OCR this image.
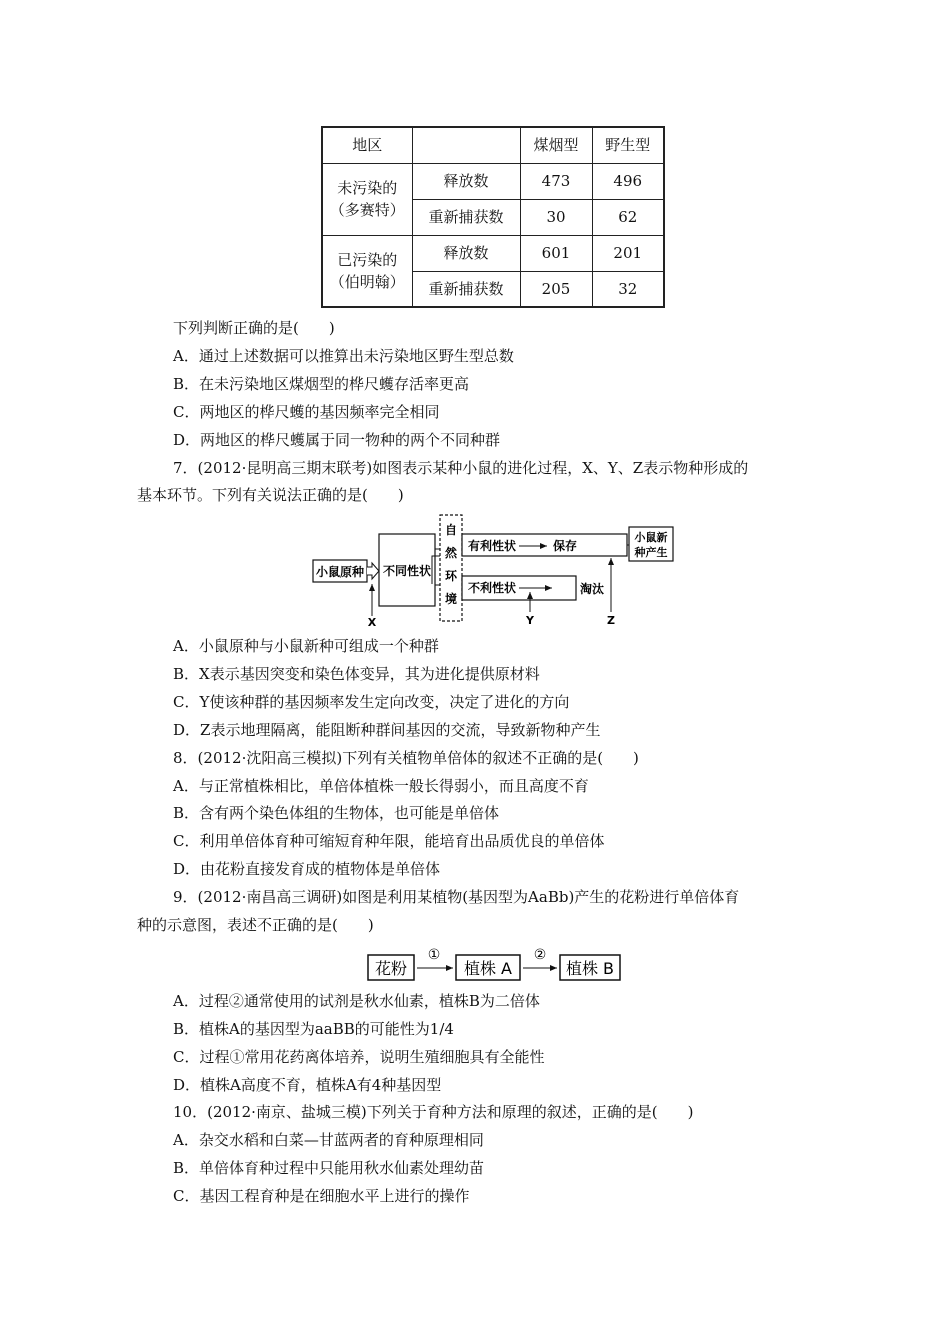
地区		煤烟型	野生型

未污染的
（多赛特）	释放数	473	496
	重新捕获数	30	62

已污染的
（伯明翰）	释放数	601	201
	重新捕获数	205	32
下列判断正确的是(　　)
A．通过上述数据可以推算出未污染地区野生型总数
B．在未污染地区煤烟型的桦尺蠖存活率更高
C．两地区的桦尺蠖的基因频率完全相同
D．两地区的桦尺蠖属于同一物种的两个不同种群
7．(2012·昆明高三期末联考)如图表示某种小鼠的进化过程，X、Y、Z表示物种形成的
基本环节。下列有关说法正确的是(　　)
小鼠原种 不同性状
自
然
环
境
有利性状	保存
小鼠新
种产生
不利性状	淘汰
X	Y	Z
A．小鼠原种与小鼠新种可组成一个种群
B．X表示基因突变和染色体变异，其为进化提供原材料
C．Y使该种群的基因频率发生定向改变，决定了进化的方向
D．Z表示地理隔离，能阻断种群间基因的交流，导致新物种产生
8．(2012·沈阳高三模拟)下列有关植物单倍体的叙述不正确的是(　　)
A．与正常植株相比，单倍体植株一般长得弱小，而且高度不育
B．含有两个染色体组的生物体，也可能是单倍体
C．利用单倍体育种可缩短育种年限，能培育出品质优良的单倍体
D．由花粉直接发育成的植物体是单倍体
9．(2012·南昌高三调研)如图是利用某植物(基因型为AaBb)产生的花粉进行单倍体育
种的示意图，表述不正确的是(　　)
花粉
①
植株 A
②
植株 B
A．过程②通常使用的试剂是秋水仙素，植株B为二倍体
B．植株A的基因型为aaBB的可能性为1/4
C．过程①常用花药离体培养，说明生殖细胞具有全能性
D．植株A高度不育，植株A有4种基因型
10．(2012·南京、盐城三模)下列关于育种方法和原理的叙述，正确的是(　　)
A．杂交水稻和白菜—甘蓝两者的育种原理相同
B．单倍体育种过程中只能用秋水仙素处理幼苗
C．基因工程育种是在细胞水平上进行的操作
